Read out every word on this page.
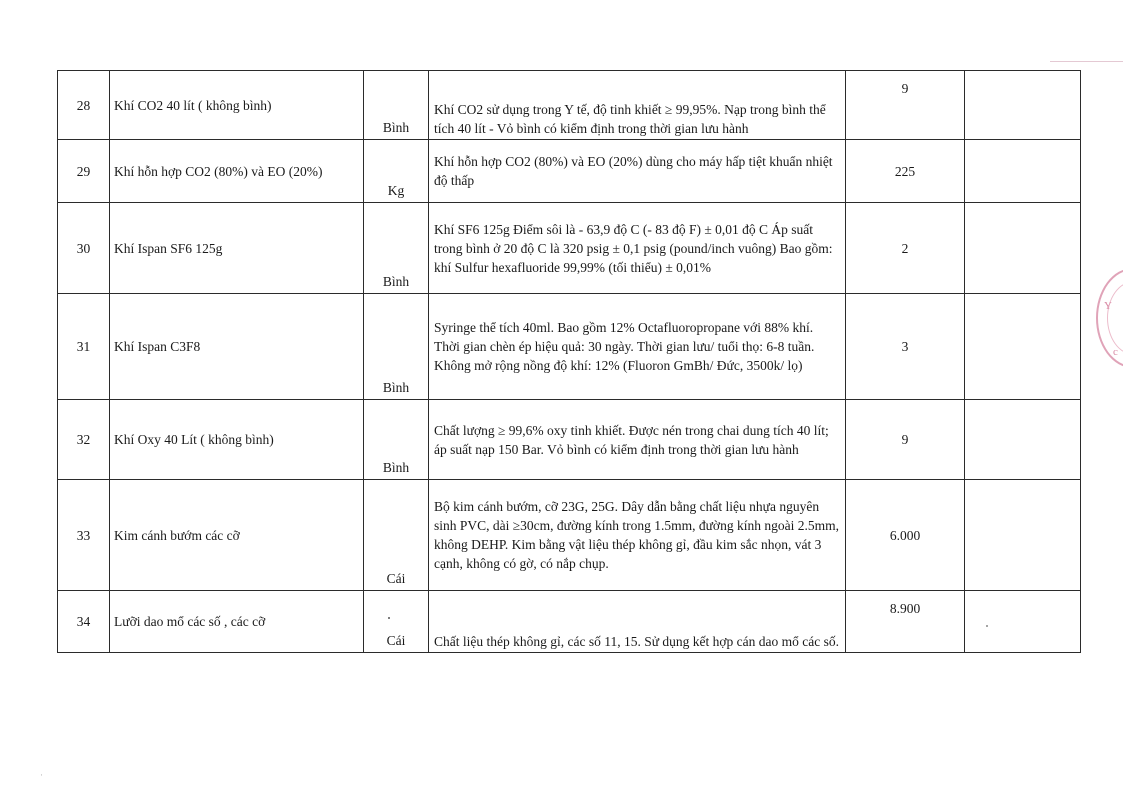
28	Khí CO2 40 lít ( không bình)	Bình	Khí CO2 sử dụng trong Y tế, độ tinh khiết ≥ 99,95%. Nạp trong bình thể tích 40 lít - Vỏ bình có kiểm định trong thời gian lưu hành	9	
29	Khí hỗn hợp CO2 (80%) và EO (20%)	Kg	Khí hỗn hợp CO2 (80%) và EO (20%) dùng cho máy hấp tiệt khuẩn nhiệt độ thấp	225	
30	Khí Ispan SF6 125g	Bình	Khí SF6 125g Điểm sôi là - 63,9 độ C (- 83 độ F) ± 0,01 độ C Áp suất trong bình ở 20 độ C là 320 psig ± 0,1 psig (pound/inch vuông) Bao gồm: khí Sulfur hexafluoride 99,99% (tối thiểu) ± 0,01%	2	
31	Khí Ispan C3F8	Bình	Syringe thể tích 40ml. Bao gồm 12% Octafluoropropane với 88% khí. Thời gian chèn ép hiệu quả: 30 ngày. Thời gian lưu/ tuổi thọ: 6-8 tuần. Không mở rộng nồng độ khí: 12% (Fluoron GmBh/ Đức, 3500k/ lọ)	3	
32	Khí Oxy 40 Lít ( không bình)	Bình	Chất lượng ≥ 99,6% oxy tinh khiết. Được nén trong chai dung tích 40 lít; áp suất nạp 150 Bar. Vỏ bình có kiểm định trong thời gian lưu hành	9	
33	Kim cánh bướm các cỡ	Cái	Bộ kim cánh bướm, cỡ 23G, 25G. Dây dẫn bằng chất liệu nhựa nguyên sinh PVC, dài ≥30cm, đường kính trong 1.5mm, đường kính ngoài 2.5mm, không DEHP. Kim bằng vật liệu thép không gỉ, đầu kim sắc nhọn, vát 3 cạnh, không có gờ, có nắp chụp.	6.000	
34	Lưỡi dao mổ các số , các cỡ	Cái	Chất liệu thép không gỉ, các số 11, 15. Sử dụng kết hợp cán dao mổ các số.	8.900	
Y
c
·
